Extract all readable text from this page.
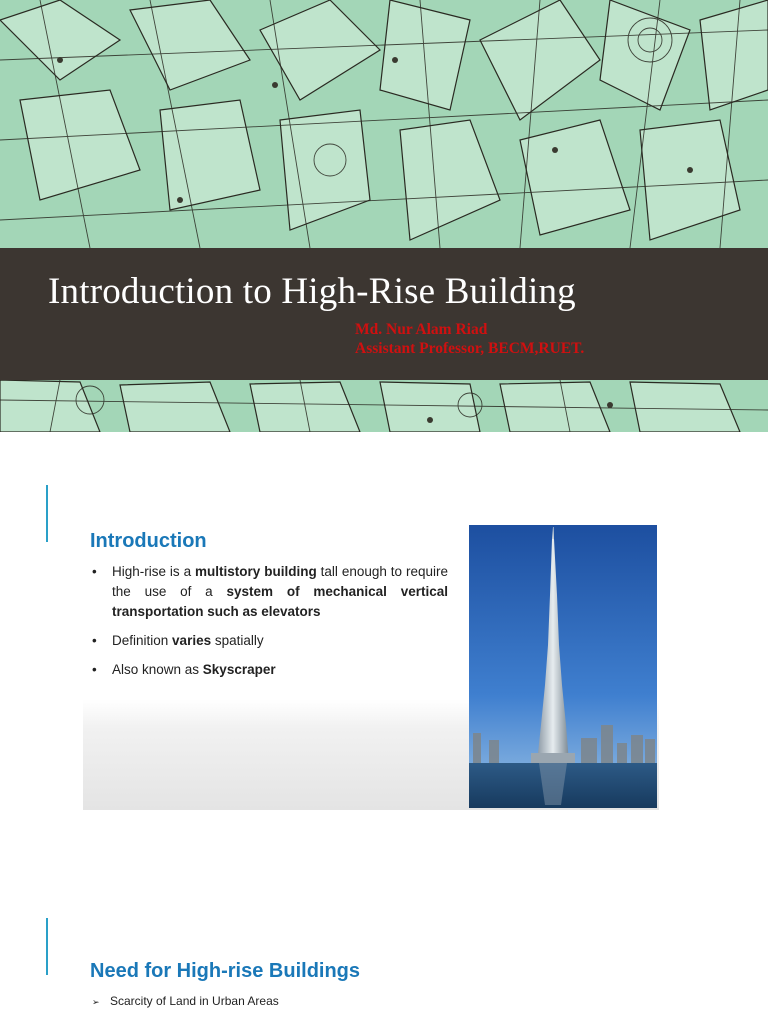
Introduction to High-Rise Building

Md. Nur Alam Riad
Assistant Professor, BECM,RUET.

Introduction
• High-rise is a multistory building tall enough to require the use of a system of mechanical vertical transportation such as elevators
• Definition varies spatially
• Also known as Skyscraper
Need for High-rise Buildings
➢ Scarcity of Land in Urban Areas
